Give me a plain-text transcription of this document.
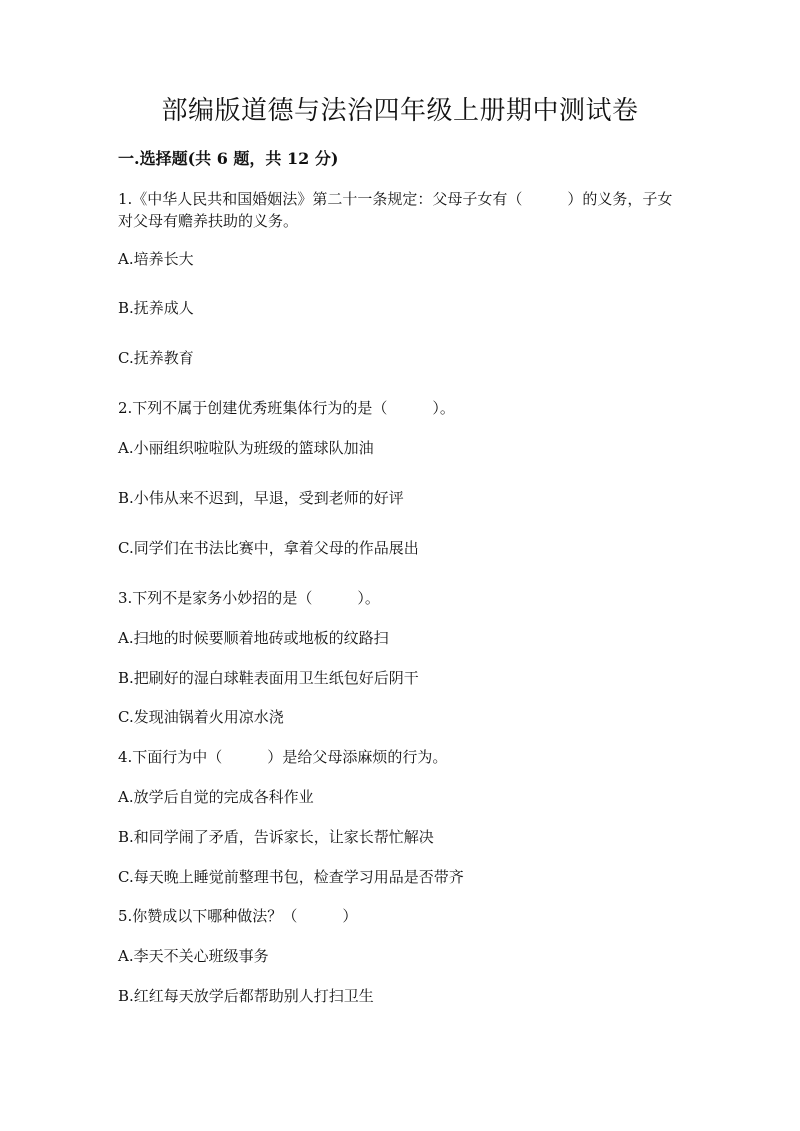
部编版道德与法治四年级上册期中测试卷
一.选择题(共 6 题，共 12 分)
1.《中华人民共和国婚姻法》第二十一条规定：父母子女有（　　　）的义务，子女对父母有赡养扶助的义务。
A.培养长大
B.抚养成人
C.抚养教育
2.下列不属于创建优秀班集体行为的是（　　　）。
A.小丽组织啦啦队为班级的篮球队加油
B.小伟从来不迟到，早退，受到老师的好评
C.同学们在书法比赛中，拿着父母的作品展出
3.下列不是家务小妙招的是（　　　）。
A.扫地的时候要顺着地砖或地板的纹路扫
B.把刷好的湿白球鞋表面用卫生纸包好后阴干
C.发现油锅着火用凉水浇
4.下面行为中（　　　）是给父母添麻烦的行为。
A.放学后自觉的完成各科作业
B.和同学闹了矛盾，告诉家长，让家长帮忙解决
C.每天晚上睡觉前整理书包，检查学习用品是否带齐
5.你赞成以下哪种做法？（　　　）
A.李天不关心班级事务
B.红红每天放学后都帮助别人打扫卫生
